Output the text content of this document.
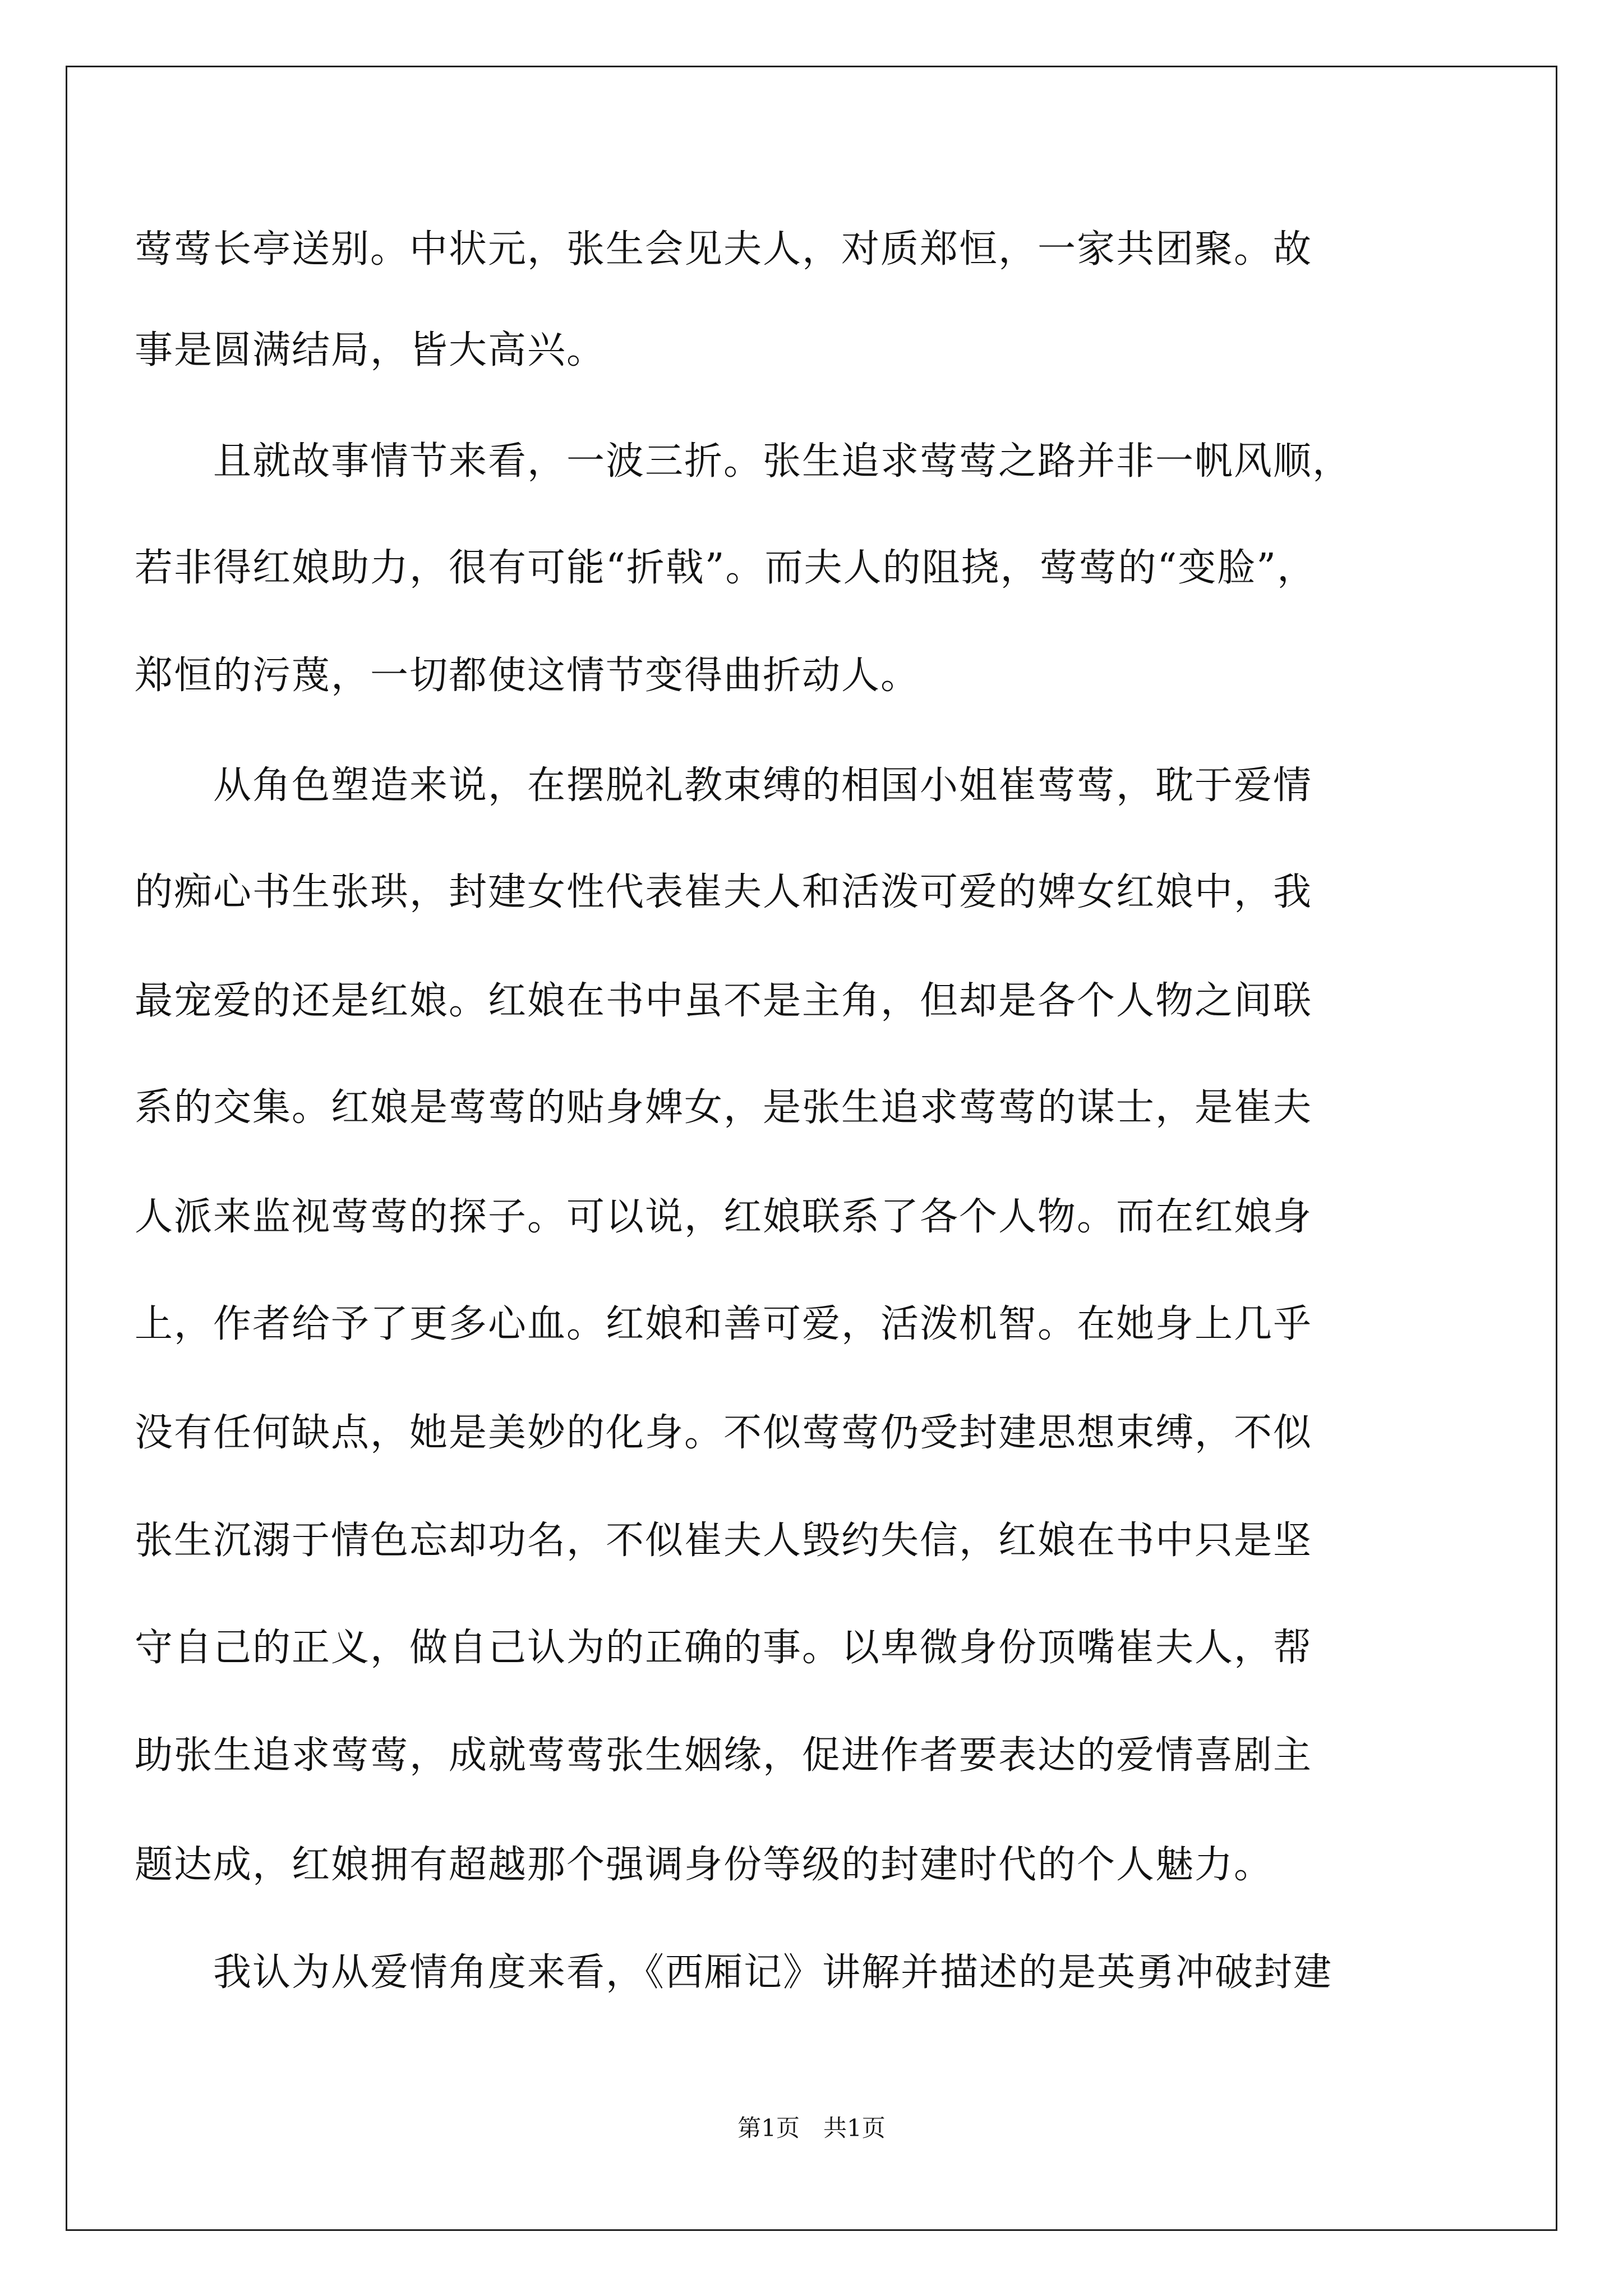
莺莺长亭送别。中状元，张生会见夫人，对质郑恒，一家共团聚。故
事是圆满结局，皆大高兴。
　　且就故事情节来看，一波三折。张生追求莺莺之路并非一帆风顺，
若非得红娘助力，很有可能“折戟”。而夫人的阻挠，莺莺的“变脸”，
郑恒的污蔑，一切都使这情节变得曲折动人。
　　从角色塑造来说，在摆脱礼教束缚的相国小姐崔莺莺，耽于爱情
的痴心书生张珙，封建女性代表崔夫人和活泼可爱的婢女红娘中，我
最宠爱的还是红娘。红娘在书中虽不是主角，但却是各个人物之间联
系的交集。红娘是莺莺的贴身婢女，是张生追求莺莺的谋士，是崔夫
人派来监视莺莺的探子。可以说，红娘联系了各个人物。而在红娘身
上，作者给予了更多心血。红娘和善可爱，活泼机智。在她身上几乎
没有任何缺点，她是美妙的化身。不似莺莺仍受封建思想束缚，不似
张生沉溺于情色忘却功名，不似崔夫人毁约失信，红娘在书中只是坚
守自己的正义，做自己认为的正确的事。以卑微身份顶嘴崔夫人，帮
助张生追求莺莺，成就莺莺张生姻缘，促进作者要表达的爱情喜剧主
题达成，红娘拥有超越那个强调身份等级的封建时代的个人魅力。
　　我认为从爱情角度来看，《西厢记》讲解并描述的是英勇冲破封建
第1页　共1页
